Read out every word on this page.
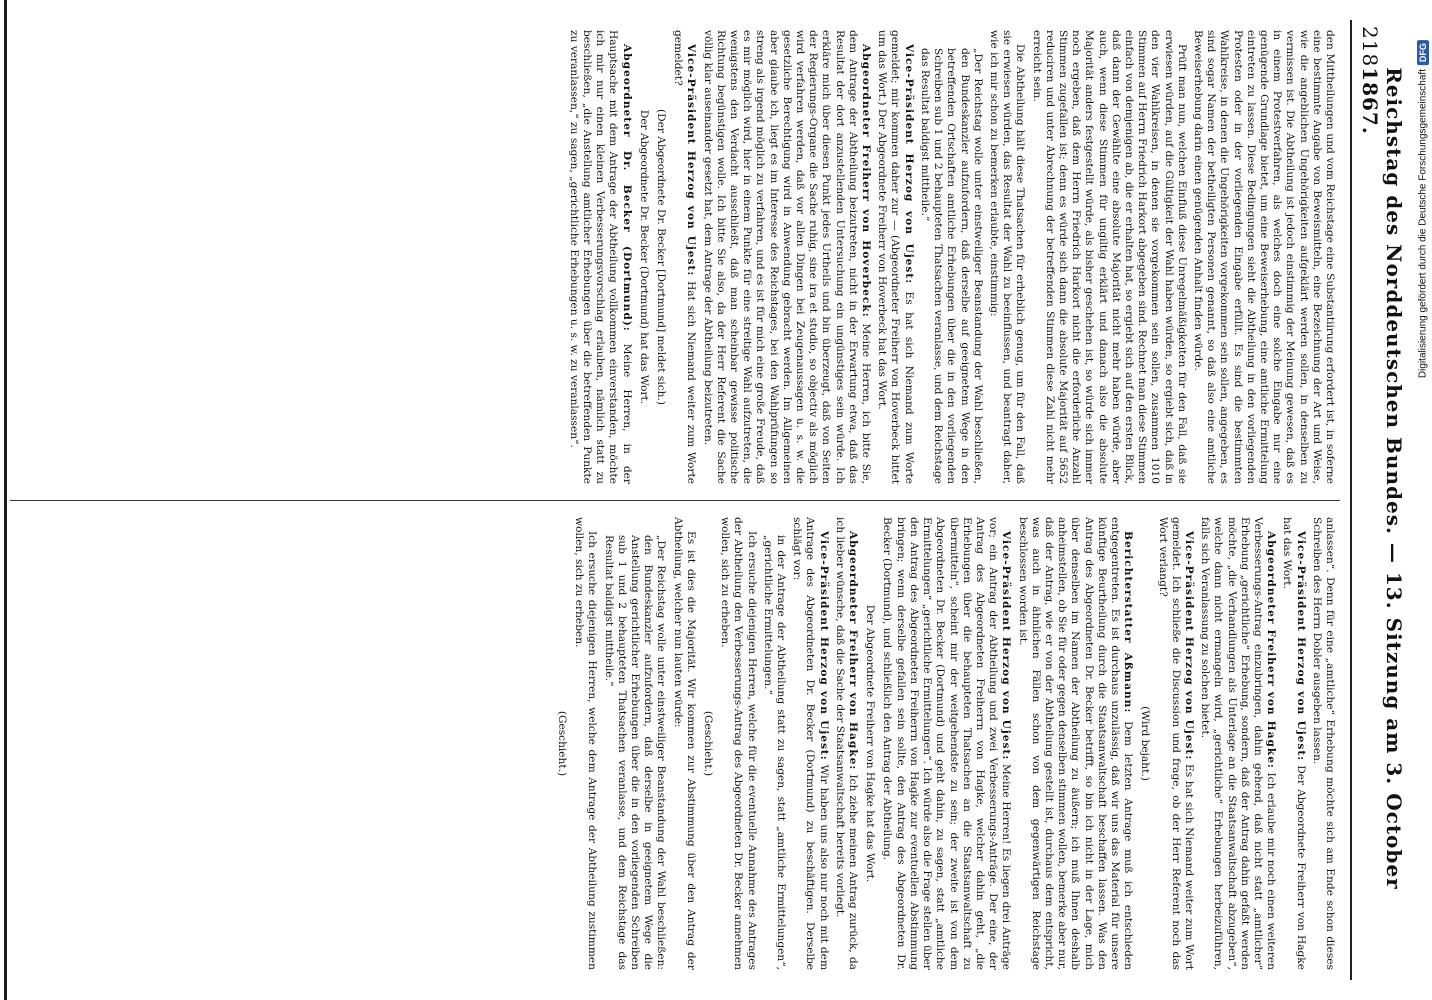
218
Reichstag des Norddeutschen Bundes. — 13. Sitzung am 3. October 1867.

den Mittheilungen und vom Reichstage eine Substantiirung erfordert ist, in soferne eine bestimmte Angabe von Beweismitteln, eine Bezeichnung der Art und Weise, wie die angeblichen Ungehörigkeiten aufgeklärt werden sollen, in denselben zu vermissen ist. Die Abtheilung ist jedoch einstimmig der Meinung gewesen, daß es in einem Protestverfahren, als welches doch eine solche Eingabe nur eine genügende Grundlage bietet, um eine Beweiserhebung, eine amtliche Ermittelung eintreten zu lassen. Diese Bedingungen sieht die Abtheilung in den vorliegenden Protesten oder in der vorliegenden Eingabe erfüllt. Es sind die bestimmten Wahlkreise, in denen die Ungehörigkeiten vorgekommen sein sollen, angegeben, es sind sogar Namen der betheiligten Personen genannt, so daß also eine amtliche Beweiserhebung darin einen genügenden Anhalt finden würde.

Prüft man nun, welchen Einfluß diese Unregelmäßigkeiten für den Fall, daß sie erwiesen würden, auf die Gültigkeit der Wahl haben würden, so ergiebt sich, daß in den vier Wahlkreisen, in denen sie vorgekommen sein sollen, zusammen 1010 Stimmen auf Herrn Friedrich Harkort abgegeben sind. Rechnet man diese Stimmen einfach von demjenigen ab, die er erhalten hat, so ergiebt sich auf den ersten Blick, daß dann der Gewählte eine absolute Majorität nicht mehr haben würde, aber auch, wenn diese Stimmen für ungiltig erklärt und danach also die absolute Majorität anders festgestellt würde, als bisher geschehen ist, so würde sich immer noch ergeben, daß dem Herrn Friedrich Harkort nicht die erforderliche Anzahl Stimmen zugefallen ist; denn es würde sich dann die absolute Majorität auf 5652 reduciren und unter Abrechnung der betreffenden Stimmen diese Zahl nicht mehr erreicht sein.

Die Abtheilung hält diese Thatsachen für erheblich genug, um für den Fall, daß sie erwiesen würden, das Resultat der Wahl zu beeinflussen, und beantragt daher, wie ich mir schon zu bemerken erlaubte, einstimmig:

„Der Reichstag wolle unter einstweiliger Beanstandung der Wahl beschließen, den Bundeskanzler aufzufordern, daß derselbe auf geeignetem Wege in den betreffenden Ortschaften amtliche Erhebungen über die in den vorliegenden Schreiben sub 1 und 2 behaupteten Thatsachen veranlasse, und dem Reichstage das Resultat baldigst mittheile.“

Vice-Präsident Herzog von Ujest: Es hat sich Niemand zum Worte gemeldet; mir kommen daher zur — (Abgeordneter Freiherr von Hoverbeck bittet um das Wort.) Der Abgeordnete Freiherr von Hoverbeck hat das Wort.

Abgeordneter Freiherr von Hoverbeck: Meine Herren, ich bitte Sie, dem Antrage der Abtheilung beizutreten, nicht in der Erwartung etwa, daß das Resultat der dort anzustellenden Untersuchung ein ungünstiges sein würde. Ich erkläre mich über diesen Punkt jedes Urtheils und bin überzeugt, daß von Seiten der Regierungs-Organe die Sache ruhig, sine ira et studio, so objectiv als möglich wird verfahren werden, daß vor allen Dingen bei Zeugenaussagen u. s. w. die gesetzliche Berechtigung wird in Anwendung gebracht werden. Im Allgemeinen aber glaube ich, liegt es im Interesse des Reichstages, bei den Wahlprüfungen so streng als irgend möglich zu verfahren, und es ist für mich eine große Freude, daß es mir möglich wird, hier in einem Punkte für eine streitige Wahl aufzutreten, die wenigstens den Verdacht ausschließt, daß man scheinbar gewisse politische Richtung begünstigen wolle. Ich bitte Sie also, da der Herr Referent die Sache völlig klar auseinander gesetzt hat, dem Antrage der Abtheilung beizutreten.

Vice-Präsident Herzog von Ujest: Hat sich Niemand weiter zum Worte gemeldet?

(Der Abgeordnete Dr. Becker [Dortmund] meldet sich.)

Der Abgeordnete Dr. Becker (Dortmund) hat das Wort.

Abgeordneter Dr. Becker (Dortmund): Meine Herren, in der Hauptsache mit dem Antrage der Abtheilung vollkommen einverstanden, möchte ich mir nur einen kleinen Verbesserungsvorschlag erlauben, nämlich statt zu beschließen, „die Anstellung amtlicher Erhebungen über die betreffenden Punkte zu veranlassen,“ zu sagen, „gerichtliche Erhebungen u. s. w. zu veranlassen“.

anlassen“. Denn für eine „amtliche“ Erhebung möchte sich am Ende schon dieses Schreiben des Herrn Dobler ausgeben lassen.

Vice-Präsident Herzog von Ujest: Der Abgeordnete Freiherr von Hagke hat das Wort.

Abgeordneter Freiherr von Hagke: Ich erlaube mir noch einen weiteren Verbesserungs-Antrag einzubringen, dahin gehend, daß nicht statt „amtlicher“ Erhebung „gerichtliche“ Erhebung, sondern, daß der Antrag dahin gefaßt werden möchte, „die Verhandlungen als Unterlage an die Staatsanwaltschaft abzugeben“, welche dann nicht ermangeln wird, „gerichtliche“ Erhebungen herbeizuführen, falls sich Veranlassung zu solchen bietet.

Vice-Präsident Herzog von Ujest: Es hat sich Niemand weiter zum Wort gemeldet. Ich schließe die Discussion und frage, ob der Herr Referent noch das Wort verlangt?

(Wird bejaht.)

Berichterstatter Aßmann: Dem letzten Antrage muß ich entschieden entgegentreten. Es ist durchaus unzulässig, daß wir uns das Material für unsere künftige Beurtheilung durch die Staatsanwaltschaft beschaffen lassen. Was den Antrag des Abgeordneten Dr. Becker betrifft, so bin ich nicht in der Lage, mich über denselben im Namen der Abtheilung zu äußern; ich muß Ihnen deshalb anheimstellen, ob Sie für oder gegen denselben stimmen wollen, bemerke aber nur, daß der Antrag, wie er von der Abtheilung gestellt ist, durchaus dem entspricht, was auch in ähnlichen Fällen schon von dem gegenwärtigen Reichstage beschlossen worden ist.

Vice-Präsident Herzog von Ujest: Meine Herren! Es liegen drei Anträge vor; ein Antrag der Abtheilung und zwei Verbesserungs-Anträge. Der eine, der Antrag des Abgeordneten Freiherrn von Hagke, welcher dahin geht, „die Erhebungen über die behaupteten Thatsachen an die Staatsanwaltschaft zu übermitteln“, scheint mir der weitgehendste zu sein; der zweite ist von dem Abgeordneten Dr. Becker (Dortmund) und geht dahin, zu sagen, statt „amtliche Ermittelungen“ „gerichtliche Ermittelungen“. Ich würde also die Frage stellen über den Antrag des Abgeordneten Freiherrn von Hagke zur eventuellen Abstimmung bringen; wenn derselbe gefallen sein sollte, den Antrag des Abgeordneten Dr. Becker (Dortmund), und schließlich den Antrag der Abtheilung.

Der Abgeordnete Freiherr von Hagke hat das Wort.

Abgeordneter Freiherr von Hagke: Ich ziehe meinen Antrag zurück, da ich lieber wünsche, daß die Sache der Staatsanwaltschaft bereits vorliegt.

Vice-Präsident Herzog von Ujest: Wir haben uns also nur noch mit dem Antrage des Abgeordneten Dr. Becker (Dortmund) zu beschäftigen. Derselbe schlägt vor:

in der Antrage der Abtheilung statt zu sagen, statt „amtliche Ermittelungen“, „gerichtliche Ermittelungen.“

Ich ersuche diejenigen Herren, welche für die eventuelle Annahme des Antrages der Abtheilung den Verbesserungs-Antrag des Abgeordneten Dr. Becker annehmen wollen, sich zu erheben.

(Geschieht.)

Es ist dies die Majorität. Wir kommen zur Abstimmung über den Antrag der Abtheilung, welcher nun lauten würde:

„Der Reichstag wolle unter einstweiliger Beanstandung der Wahl beschließen: den Bundeskanzler aufzufordern, daß derselbe in geeignetem Wege die Anstellung gerichtlicher Erhebungen über die in den vorliegenden Schreiben sub 1 und 2 behaupteten Thatsachen veranlasse, und dem Reichstage das Resultat baldigst mittheile.“

Ich ersuche diejenigen Herren, welche dem Antrage der Abtheilung zustimmen wollen, sich zu erheben.

(Geschieht.)

Digitalisierung gefördert durch die Deutsche Forschungsgemeinschaft
DFG
